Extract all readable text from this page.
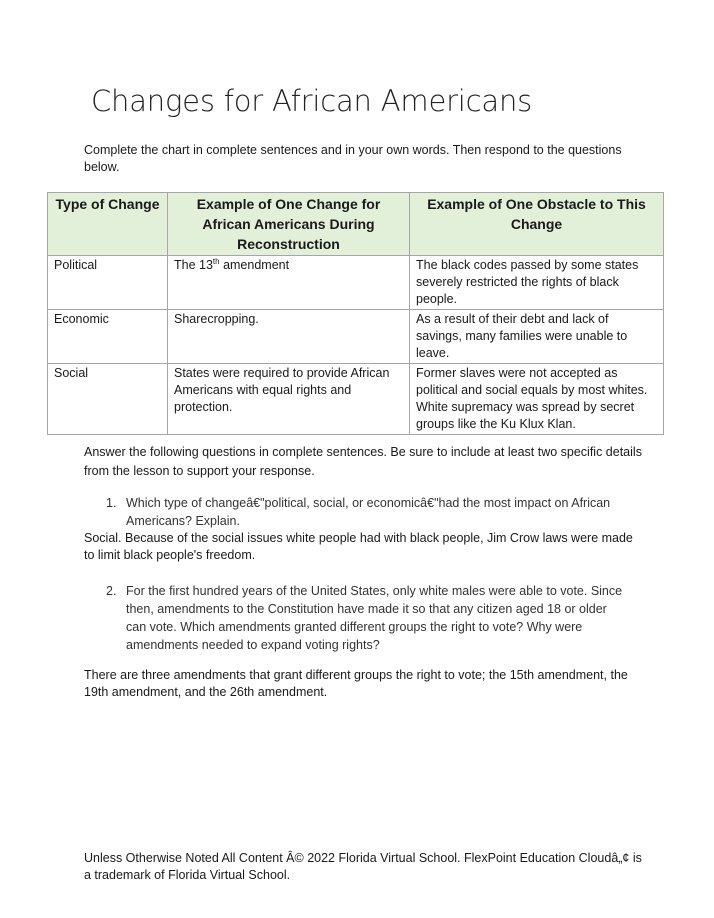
Changes for African Americans
Complete the chart in complete sentences and in your own words. Then respond to the questions below.
Type of Change	Example of One Change for African Americans During Reconstruction	Example of One Obstacle to This Change
Political	The 13th amendment	The black codes passed by some states severely restricted the rights of black people.
Economic	Sharecropping.	As a result of their debt and lack of savings, many families were unable to leave.
Social	States were required to provide African Americans with equal rights and protection.	Former slaves were not accepted as political and social equals by most whites. White supremacy was spread by secret groups like the Ku Klux Klan.
Answer the following questions in complete sentences. Be sure to include at least two specific details from the lesson to support your response.
1. Which type of changeâ€"political, social, or economicâ€"had the most impact on African Americans? Explain.
Social. Because of the social issues white people had with black people, Jim Crow laws were made to limit black people's freedom.
2. For the first hundred years of the United States, only white males were able to vote. Since then, amendments to the Constitution have made it so that any citizen aged 18 or older can vote. Which amendments granted different groups the right to vote? Why were amendments needed to expand voting rights?
There are three amendments that grant different groups the right to vote; the 15th amendment, the 19th amendment, and the 26th amendment.
Unless Otherwise Noted All Content Â© 2022 Florida Virtual School. FlexPoint Education Cloudâ„¢ is a trademark of Florida Virtual School.
